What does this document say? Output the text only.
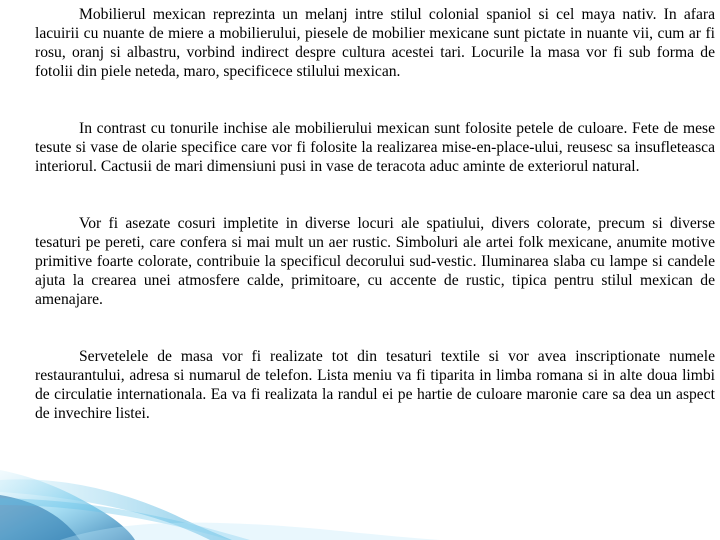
Mobilierul mexican reprezinta un melanj intre stilul colonial spaniol si cel maya nativ. In afara lacuirii cu nuante de miere a mobilierului, piesele de mobilier mexicane sunt pictate in nuante vii, cum ar fi rosu, oranj si albastru, vorbind indirect despre cultura acestei tari. Locurile la masa vor fi sub forma de fotolii din piele neteda, maro, specificece stilului mexican.

In contrast cu tonurile inchise ale mobilierului mexican sunt folosite petele de culoare. Fete de mese tesute si vase de olarie specifice care vor fi folosite la realizarea mise-en-place-ului, reusesc sa insufleteasca interiorul. Cactusii de mari dimensiuni pusi in vase de teracota aduc aminte de exteriorul natural.

Vor fi asezate cosuri impletite in diverse locuri ale spatiului, divers colorate, precum si diverse tesaturi pe pereti, care confera si mai mult un aer rustic. Simboluri ale artei folk mexicane, anumite motive primitive foarte colorate, contribuie la specificul decorului sud-vestic. Iluminarea slaba cu lampe si candele ajuta la crearea unei atmosfere calde, primitoare, cu accente de rustic, tipica pentru stilul mexican de amenajare.

Servetelele de masa vor fi realizate tot din tesaturi textile si vor avea inscriptionate numele restaurantului, adresa si numarul de telefon. Lista meniu va fi tiparita in limba romana si in alte doua limbi de circulatie internationala. Ea va fi realizata la randul ei pe hartie de culoare maronie care sa dea un aspect de invechire listei.
